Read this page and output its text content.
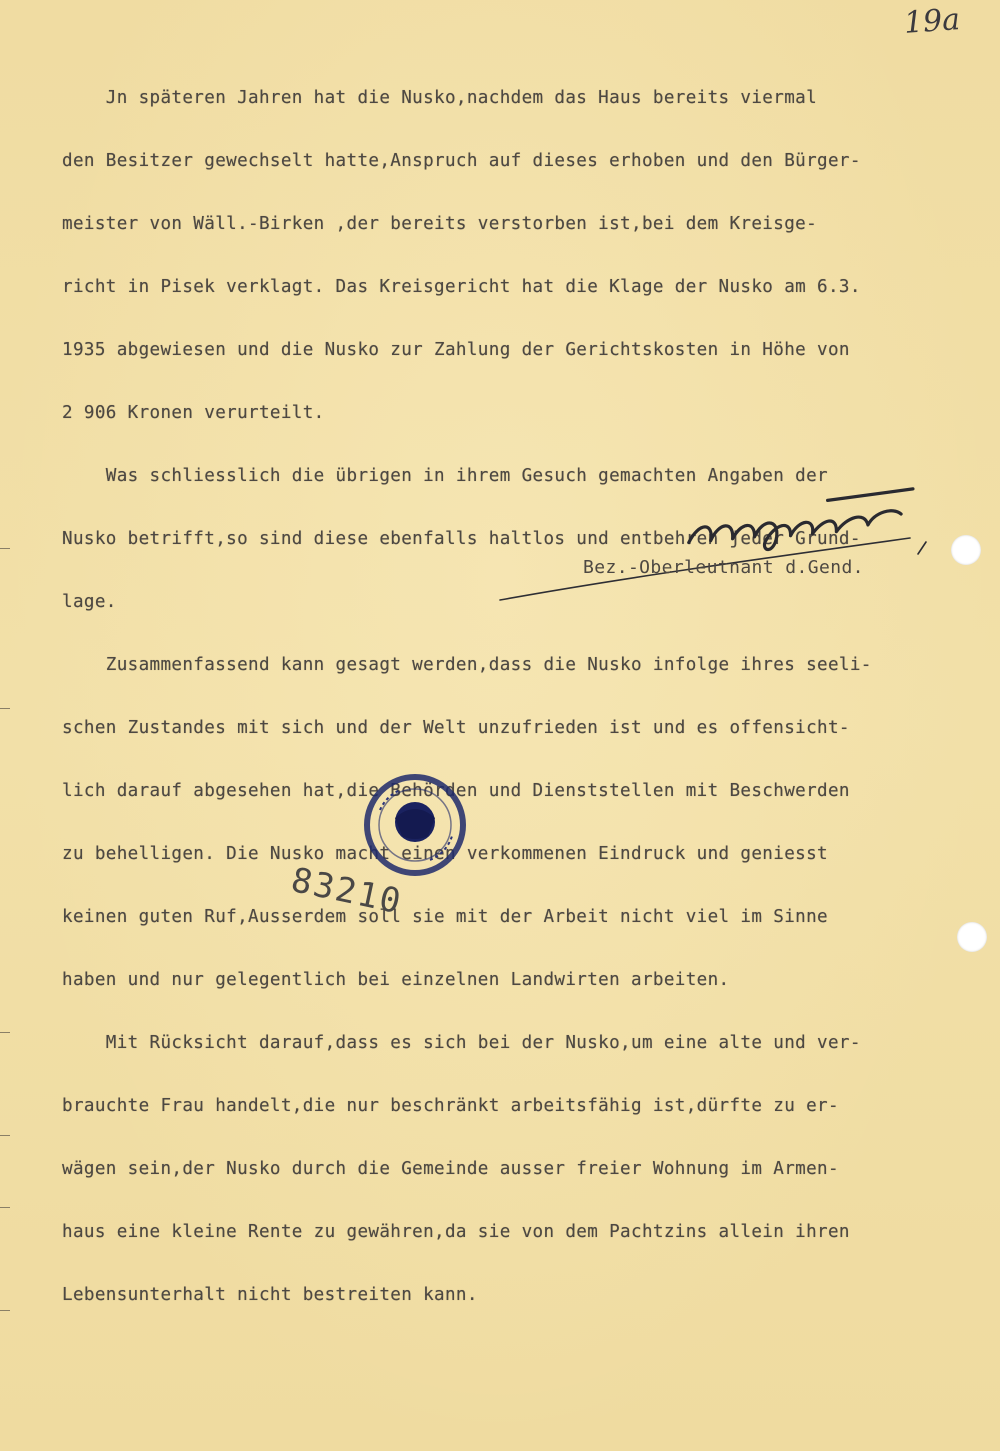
19a

Jn späteren Jahren hat die Nusko,nachdem das Haus bereits viermal

den Besitzer gewechselt hatte,Anspruch auf dieses erhoben und den Bürger-

meister von Wäll.-Birken ,der bereits verstorben ist,bei dem Kreisge-

richt in Pisek verklagt. Das Kreisgericht hat die Klage der Nusko am 6.3.

1935 abgewiesen und die Nusko zur Zahlung der Gerichtskosten in Höhe von

2 906 Kronen verurteilt.

Was schliesslich die übrigen in ihrem Gesuch gemachten Angaben der

Nusko betrifft,so sind diese ebenfalls haltlos und entbehren jeder Grund-

lage.

Zusammenfassend kann gesagt werden,dass die Nusko infolge ihres seeli-

schen Zustandes mit sich und der Welt unzufrieden ist und es offensicht-

lich darauf abgesehen hat,die Behörden und Dienststellen mit Beschwerden

zu behelligen. Die Nusko macht einen verkommenen Eindruck und geniesst

keinen guten Ruf,Ausserdem soll sie mit der Arbeit nicht viel im Sinne

haben und nur gelegentlich bei einzelnen Landwirten arbeiten.

Mit Rücksicht darauf,dass es sich bei der Nusko,um eine alte und ver-

brauchte Frau handelt,die nur beschränkt arbeitsfähig ist,dürfte zu er-

wägen sein,der Nusko durch die Gemeinde ausser freier Wohnung im Armen-

haus eine kleine Rente zu gewähren,da sie von dem Pachtzins allein ihren

Lebensunterhalt nicht bestreiten kann.

Bez.-Oberleutnant d.Gend.
83210
